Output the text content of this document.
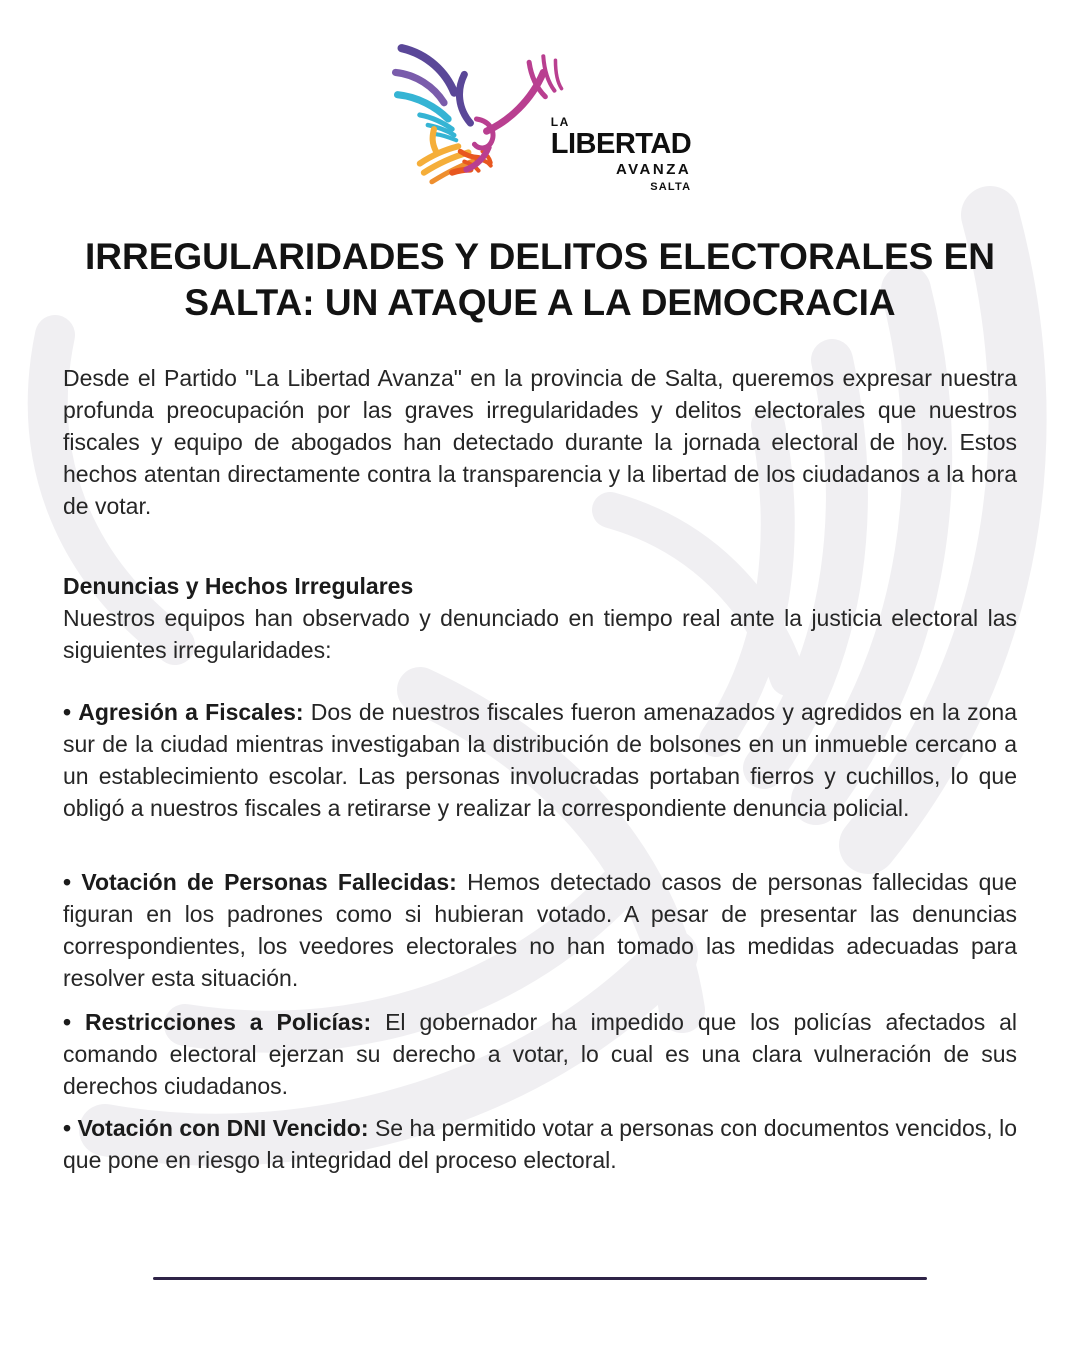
LA
LIBERTAD
AVANZA
SALTA
IRREGULARIDADES Y DELITOS ELECTORALES EN
SALTA: UN ATAQUE A LA DEMOCRACIA

Desde el Partido "La Libertad Avanza" en la provincia de Salta, queremos expresar nuestra profunda preocupación por las graves irregularidades y delitos electorales que nuestros fiscales y equipo de abogados han detectado durante la jornada electoral de hoy. Estos hechos atentan directamente contra la transparencia y la libertad de los ciudadanos a la hora de votar.

Denuncias y Hechos Irregulares

Nuestros equipos han observado y denunciado en tiempo real ante la justicia electoral las siguientes irregularidades:

• Agresión a Fiscales: Dos de nuestros fiscales fueron amenazados y agredidos en la zona sur de la ciudad mientras investigaban la distribución de bolsones en un inmueble cercano a un establecimiento escolar. Las personas involucradas portaban fierros y cuchillos, lo que obligó a nuestros fiscales a retirarse y realizar la correspondiente denuncia policial.

• Votación de Personas Fallecidas: Hemos detectado casos de personas fallecidas que figuran en los padrones como si hubieran votado. A pesar de presentar las denuncias correspondientes, los veedores electorales no han tomado las medidas adecuadas para resolver esta situación.

• Restricciones a Policías: El gobernador ha impedido que los policías afectados al comando electoral ejerzan su derecho a votar, lo cual es una clara vulneración de sus derechos ciudadanos.

• Votación con DNI Vencido: Se ha permitido votar a personas con documentos vencidos, lo que pone en riesgo la integridad del proceso electoral.
